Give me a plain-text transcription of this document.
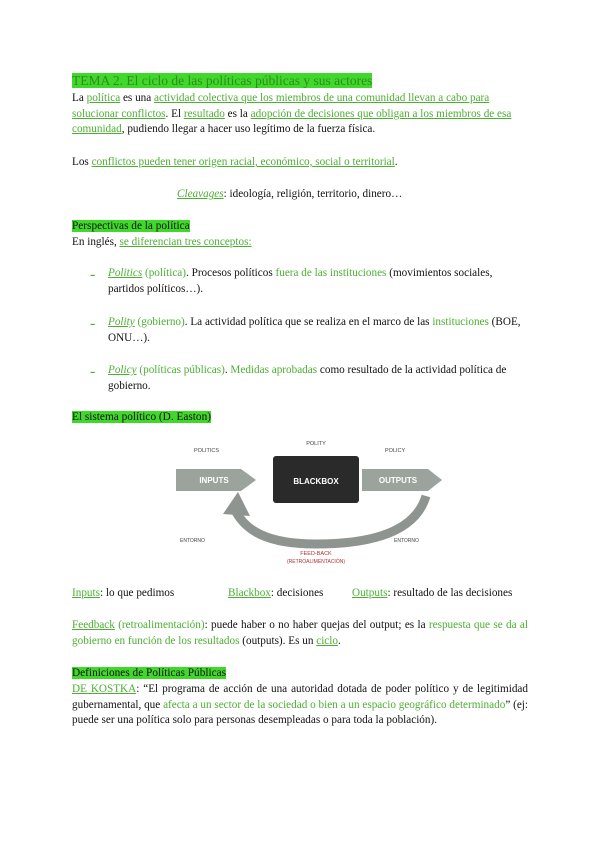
TEMA 2. El ciclo de las políticas públicas y sus actores

La política es una actividad colectiva que los miembros de una comunidad llevan a cabo para solucionar conflictos. El resultado es la adopción de decisiones que obligan a los miembros de esa comunidad, pudiendo llegar a hacer uso legítimo de la fuerza física.

Los conflictos pueden tener origen racial, económico, social o territorial.

Cleavages: ideología, religión, territorio, dinero…

Perspectivas de la política

En inglés, se diferencian tres conceptos:

- Politics (política). Procesos políticos fuera de las instituciones (movimientos sociales, partidos políticos…).

- Polity (gobierno). La actividad política que se realiza en el marco de las instituciones (BOE, ONU…).

- Policy (políticas públicas). Medidas aprobadas como resultado de la actividad política de gobierno.

El sistema político (D. Easton)
POLITICS
POLITY
POLICY
INPUTS	BLACKBOX	OUTPUTS
ENTORNO	ENTORNO
FEED-BACK
(RETROALIMENTACIÓN)

Inputs: lo que pedimos	Blackbox: decisiones	Outputs: resultado de las decisiones

Feedback (retroalimentación): puede haber o no haber quejas del output; es la respuesta que se da al gobierno en función de los resultados (outputs). Es un ciclo.

Definiciones de Políticas Públicas

DE KOSTKA: “El programa de acción de una autoridad dotada de poder político y de legitimidad gubernamental, que afecta a un sector de la sociedad o bien a un espacio geográfico determinado” (ej: puede ser una política solo para personas desempleadas o para toda la población).
